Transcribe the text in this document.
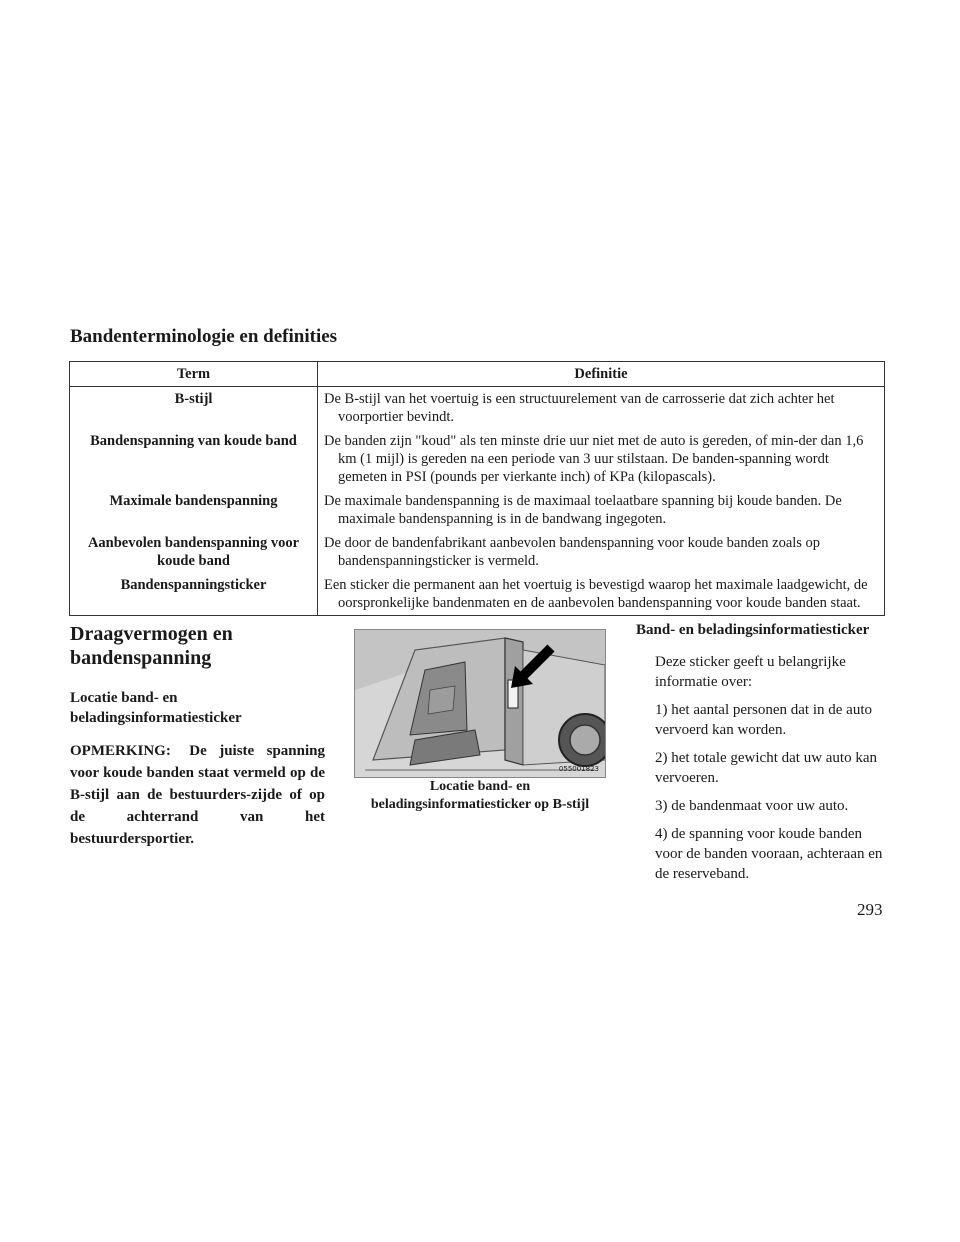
Bandenterminologie en definities
Term	Definitie
B-stijl	De B-stijl van het voertuig is een structuurelement van de carrosserie dat zich achter het voorportier bevindt.
Bandenspanning van koude band	De banden zijn "koud" als ten minste drie uur niet met de auto is gereden, of min-der dan 1,6 km (1 mijl) is gereden na een periode van 3 uur stilstaan. De banden-spanning wordt gemeten in PSI (pounds per vierkante inch) of KPa (kilopascals).
Maximale bandenspanning	De maximale bandenspanning is de maximaal toelaatbare spanning bij koude banden. De maximale bandenspanning is in de bandwang ingegoten.
Aanbevolen bandenspanning voor koude band	De door de bandenfabrikant aanbevolen bandenspanning voor koude banden zoals op bandenspanningsticker is vermeld.
Bandenspanningsticker	Een sticker die permanent aan het voertuig is bevestigd waarop het maximale laadgewicht, de oorspronkelijke bandenmaten en de aanbevolen bandenspanning voor koude banden staat.
Draagvermogen en bandenspanning
Locatie band- en beladingsinformatiesticker

OPMERKING: De juiste spanning voor koude banden staat vermeld op de B-stijl aan de bestuurders-zijde of op de achterrand van het bestuurdersportier.

055001823
Locatie band- en beladingsinformatiesticker op B-stijl
Band- en beladingsinformatiesticker

Deze sticker geeft u belangrijke informatie over:

1) het aantal personen dat in de auto vervoerd kan worden.

2) het totale gewicht dat uw auto kan vervoeren.

3) de bandenmaat voor uw auto.

4) de spanning voor koude banden voor de banden vooraan, achteraan en de reserveband.

293
